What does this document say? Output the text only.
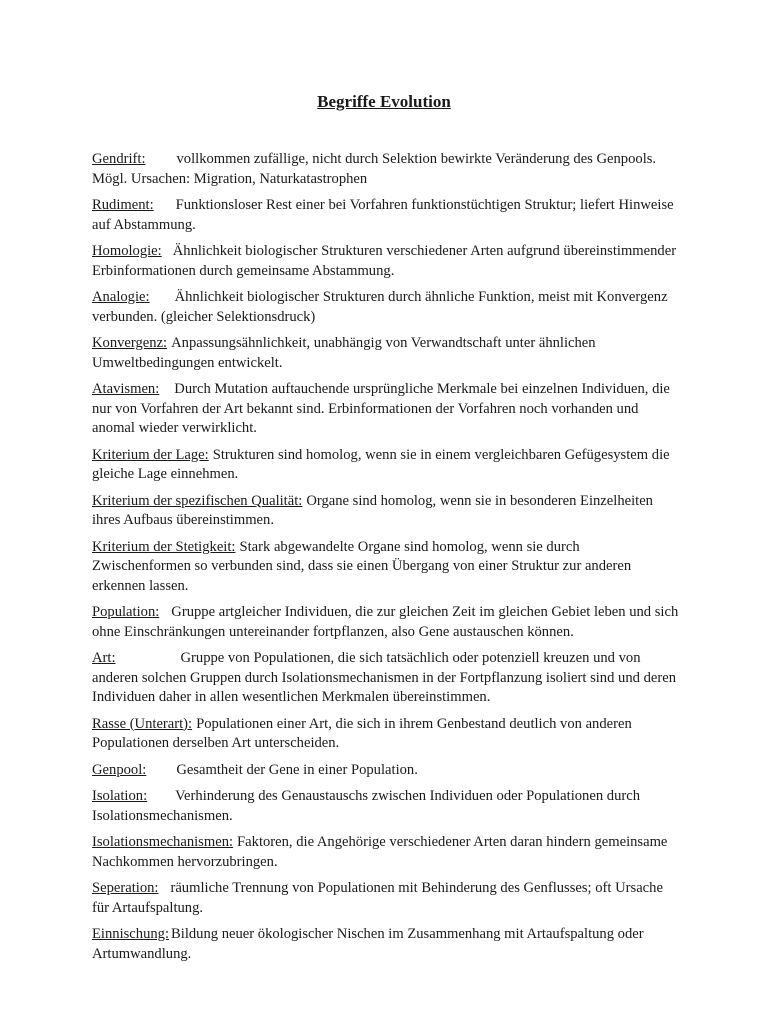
Begriffe Evolution

Gendrift: vollkommen zufällige, nicht durch Selektion bewirkte Veränderung des Genpools. Mögl. Ursachen: Migration, Naturkatastrophen

Rudiment: Funktionsloser Rest einer bei Vorfahren funktionstüchtigen Struktur; liefert Hinweise auf Abstammung.

Homologie: Ähnlichkeit biologischer Strukturen verschiedener Arten aufgrund übereinstimmender Erbinformationen durch gemeinsame Abstammung.

Analogie: Ähnlichkeit biologischer Strukturen durch ähnliche Funktion, meist mit Konvergenz verbunden. (gleicher Selektionsdruck)

Konvergenz: Anpassungsähnlichkeit, unabhängig von Verwandtschaft unter ähnlichen Umweltbedingungen entwickelt.

Atavismen: Durch Mutation auftauchende ursprüngliche Merkmale bei einzelnen Individuen, die nur von Vorfahren der Art bekannt sind. Erbinformationen der Vorfahren noch vorhanden und anomal wieder verwirklicht.

Kriterium der Lage: Strukturen sind homolog, wenn sie in einem vergleichbaren Gefügesystem die gleiche Lage einnehmen.

Kriterium der spezifischen Qualität: Organe sind homolog, wenn sie in besonderen Einzelheiten ihres Aufbaus übereinstimmen.

Kriterium der Stetigkeit: Stark abgewandelte Organe sind homolog, wenn sie durch Zwischenformen so verbunden sind, dass sie einen Übergang von einer Struktur zur anderen erkennen lassen.

Population: Gruppe artgleicher Individuen, die zur gleichen Zeit im gleichen Gebiet leben und sich ohne Einschränkungen untereinander fortpflanzen, also Gene austauschen können.

Art:	Gruppe von Populationen, die sich tatsächlich oder potenziell kreuzen und von anderen solchen Gruppen durch Isolationsmechanismen in der Fortpflanzung isoliert sind und deren Individuen daher in allen wesentlichen Merkmalen übereinstimmen.

Rasse (Unterart): Populationen einer Art, die sich in ihrem Genbestand deutlich von anderen Populationen derselben Art unterscheiden.

Genpool: Gesamtheit der Gene in einer Population.

Isolation: Verhinderung des Genaustauschs zwischen Individuen oder Populationen durch Isolationsmechanismen.

Isolationsmechanismen: Faktoren, die Angehörige verschiedener Arten daran hindern gemeinsame Nachkommen hervorzubringen.

Seperation: räumliche Trennung von Populationen mit Behinderung des Genflusses; oft Ursache für Artaufspaltung.

Einnischung: Bildung neuer ökologischer Nischen im Zusammenhang mit Artaufspaltung oder Artumwandlung.
